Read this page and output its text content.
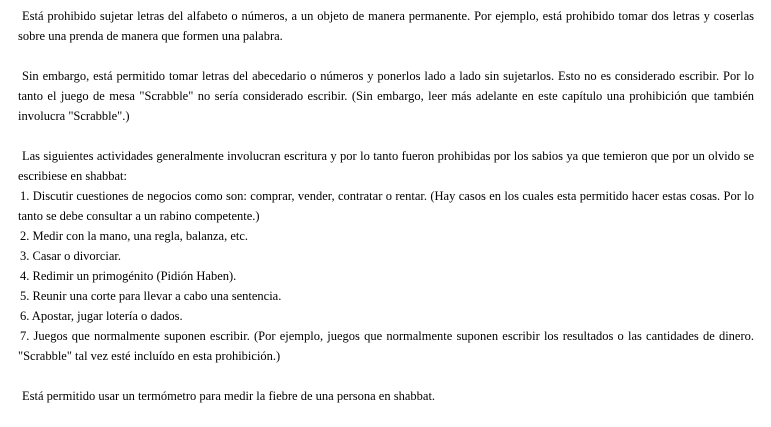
Está prohibido sujetar letras del alfabeto o números, a un objeto de manera permanente. Por ejemplo, está prohibido tomar dos letras y coserlas sobre una prenda de manera que formen una palabra.

Sin embargo, está permitido tomar letras del abecedario o números y ponerlos lado a lado sin sujetarlos. Esto no es considerado escribir. Por lo tanto el juego de mesa "Scrabble" no sería considerado escribir. (Sin embargo, leer más adelante en este capítulo una prohibición que también involucra "Scrabble".)

Las siguientes actividades generalmente involucran escritura y por lo tanto fueron prohibidas por los sabios ya que temieron que por un olvido se escribiese en shabbat:

1. Discutir cuestiones de negocios como son: comprar, vender, contratar o rentar. (Hay casos en los cuales esta permitido hacer estas cosas. Por lo tanto se debe consultar a un rabino competente.)

2. Medir con la mano, una regla, balanza, etc.

3. Casar o divorciar.

4. Redimir un primogénito (Pidión Haben).

5. Reunir una corte para llevar a cabo una sentencia.

6. Apostar, jugar lotería o dados.

7. Juegos que normalmente suponen escribir. (Por ejemplo, juegos que normalmente suponen escribir los resultados o las cantidades de dinero. "Scrabble" tal vez esté incluído en esta prohibición.)

Está permitido usar un termómetro para medir la fiebre de una persona en shabbat.
